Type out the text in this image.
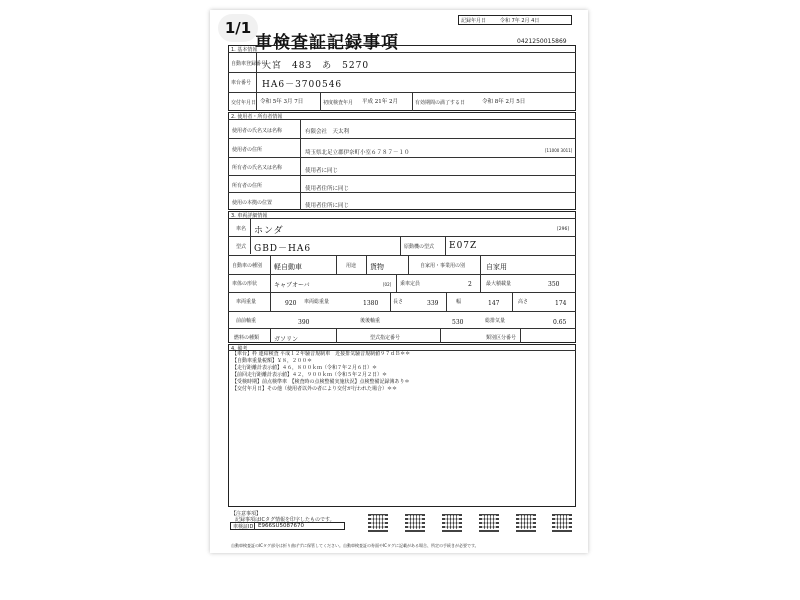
1/1
車検査証記録事項
記録年月日	令和 7年 2月 4日
0421250015869
1. 基本情報
自動車登録番号
大宮　483　あ　5270
車台番号 HA6－3700546
交付年月日 令和 5年 3月 7日	初度検査年月 平成 21年 2月	有効期間の満了する日	令和 8年 2月 5日
2. 使用者・所有者情報
使用者の氏名又は名称	有限会社　天太利
使用者の住所	埼玉県北足立郡伊奈町小室６７８７－１０	[11000 3011]
所有者の氏名又は名称	使用者に同じ
所有者の住所	使用者住所に同じ
使用の本拠の位置	使用者住所に同じ
3. 車両詳細情報
車名 ホンダ	[296]
型式 GBD－HA6	原動機の型式 E07Z
自動車の種別 軽自動車	用途 貨物	自家用・事業用の別	自家用
車体の形状	キャブオーバ	[02] 乗車定員	2	最大積載量	350
車両重量	920 車両総重量	1380	長さ	339	幅	147	高さ	174
前前軸重	390	後後軸重	530	総排気量	0.65
燃料の種類 ガソリン	型式指定番号	類別区分番号
4. 備考
【車台】枠 連結検査 平成１２年騒音規制車　近接排気騒音規制値９７ｄＢ＊＊
【自動車重量税額】￥８，２００＊
【走行距離計表示値】４６，８００ｋｍ（令和７年２月６日）＊
【前回走行距離計表示値】４２，９００ｋｍ（令和５年２月２日）＊
【受検時期】前点検準車　【検査時の点検整備実施状況】点検整備記録簿あり＊
【交付年月日】その他（使用者以外の者により交付が行われた場合）＊＊
【注意事項】
記録事項はICタグ情報を印字したものです。
車検証ID E966SU5087670
自動車検査証のICタグ部分は折り曲げずに保管してください。自動車検査証の券面やICタグに記載がある場合、所定の手続きが必要です。
